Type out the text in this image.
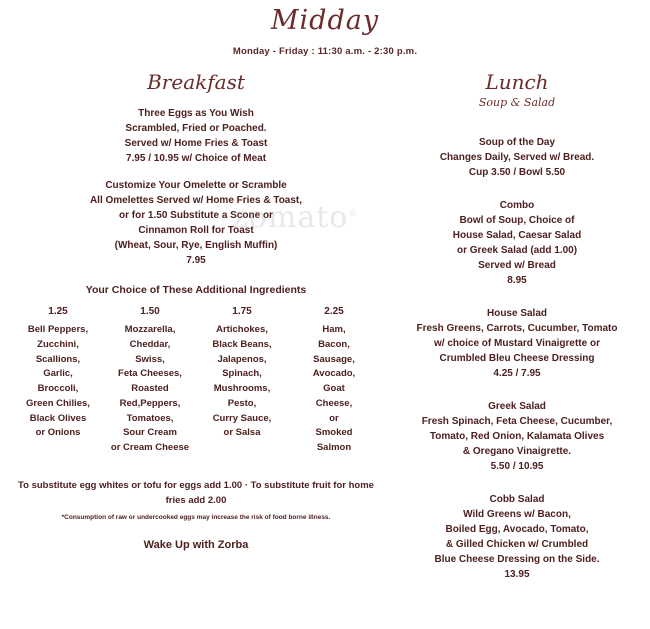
Midday
Monday - Friday : 11:30 a.m. - 2:30 p.m.
zomato®
Breakfast
Three Eggs as You Wish
Scrambled, Fried or Poached.
Served w/ Home Fries & Toast
7.95 / 10.95 w/ Choice of Meat
Customize Your Omelette or Scramble
All Omelettes Served w/ Home Fries & Toast,
or for 1.50 Substitute a Scone or
Cinnamon Roll for Toast
(Wheat, Sour, Rye, English Muffin)
7.95
Your Choice of These Additional Ingredients
1.25
Bell Peppers,
Zucchini,
Scallions,
Garlic,
Broccoli,
Green Chilies,
Black Olives
or Onions
1.50
Mozzarella,
Cheddar,
Swiss,
Feta Cheeses,
Roasted
Red,Peppers,
Tomatoes,
Sour Cream
or Cream Cheese
1.75
Artichokes,
Black Beans,
Jalapenos,
Spinach,
Mushrooms,
Pesto,
Curry Sauce,
or Salsa
2.25
Ham,
Bacon,
Sausage,
Avocado,
Goat
Cheese,
or
Smoked
Salmon
To substitute egg whites or tofu for eggs add 1.00 · To substitute fruit for home fries add 2.00
*Consumption of raw or undercooked eggs may increase the risk of food borne illness.
Wake Up with Zorba
Lunch
Soup & Salad
Soup of the Day
Changes Daily, Served w/ Bread.
Cup 3.50 / Bowl 5.50
Combo
Bowl of Soup, Choice of
House Salad, Caesar Salad
or Greek Salad (add 1.00)
Served w/ Bread
8.95
House Salad
Fresh Greens, Carrots, Cucumber, Tomato
w/ choice of Mustard Vinaigrette or
Crumbled Bleu Cheese Dressing
4.25 / 7.95
Greek Salad
Fresh Spinach, Feta Cheese, Cucumber,
Tomato, Red Onion, Kalamata Olives
& Oregano Vinaigrette.
5.50 / 10.95
Cobb Salad
Wild Greens w/ Bacon,
Boiled Egg, Avocado, Tomato,
& Gilled Chicken w/ Crumbled
Blue Cheese Dressing on the Side.
13.95
